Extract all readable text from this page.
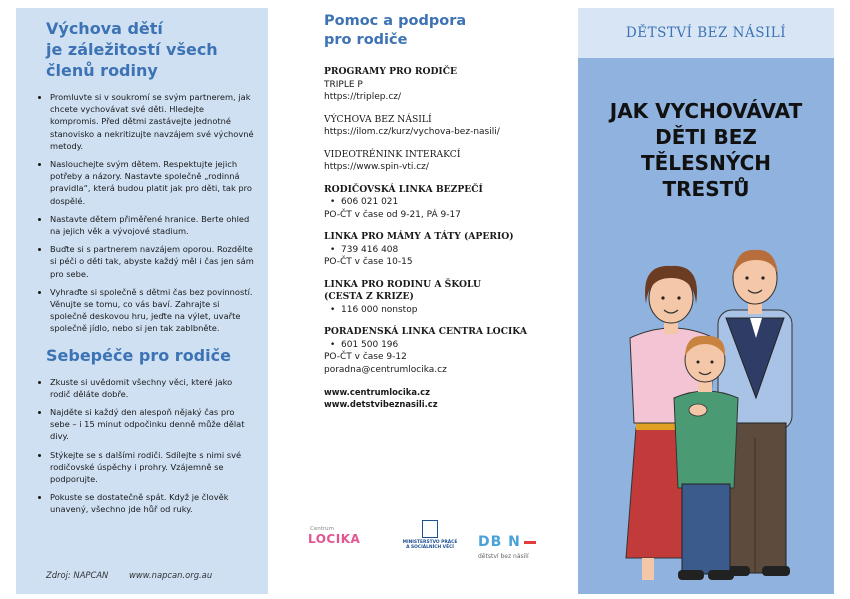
Výchova dětí
je záležitostí všech
členů rodiny
• Promluvte si v soukromí se svým partnerem, jak chcete vychovávat své děti. Hledejte kompromis. Před dětmi zastávejte jednotné stanovisko a nekritizujte navzájem své výchovné metody.
• Naslouchejte svým dětem. Respektujte jejich potřeby a názory. Nastavte společně „rodinná pravidla“, která budou platit jak pro děti, tak pro dospělé.
• Nastavte dětem přiměřené hranice. Berte ohled na jejich věk a vývojové stadium.
• Buďte si s partnerem navzájem oporou. Rozdělte si péči o děti tak, abyste každý měl i čas jen sám pro sebe.
• Vyhraďte si společně s dětmi čas bez povinností. Věnujte se tomu, co vás baví. Zahrajte si společně deskovou hru, jeďte na výlet, uvařte společně jídlo, nebo si jen tak zablbněte.
Sebepéče pro rodiče
• Zkuste si uvědomit všechny věci, které jako rodič děláte dobře.
• Najděte si každý den alespoň nějaký čas pro sebe – i 15 minut odpočinku denně může dělat divy.
• Stýkejte se s dalšími rodiči. Sdílejte s nimi své rodičovské úspěchy i prohry. Vzájemně se podporujte.
• Pokuste se dostatečně spát. Když je člověk unavený, všechno jde hůř od ruky.
Zdroj: NAPCAN www.napcan.org.au
Pomoc a podpora
pro rodiče
PROGRAMY PRO RODIČE
TRIPLE P
https://triplep.cz/
VÝCHOVA BEZ NÁSILÍ
https://ilom.cz/kurz/vychova-bez-nasili/
VIDEOTRÉNINK INTERAKCÍ
https://www.spin-vti.cz/
RODIČOVSKÁ LINKA BEZPEČÍ
• 606 021 021
PO-ČT v čase od 9-21, PÁ 9-17
LINKA PRO MÁMY A TÁTY (APERIO)
• 739 416 408
PO-ČT v čase 10-15
LINKA PRO RODINU A ŠKOLU
(CESTA Z KRIZE)
• 116 000 nonstop
PORADENSKÁ LINKA CENTRA LOCIKA
• 601 500 196
PO-ČT v čase 9-12
poradna@centrumlocika.cz
www.centrumlocika.cz
www.detstvibeznasili.cz
Centrum
LOCIKA	MINISTERSTVO PRÁCE
A SOCIÁLNÍCH VĚCÍ	DB N
dětství bez násilí
DĚTSTVÍ BEZ NÁSILÍ
JAK VYCHOVÁVAT
DĚTI BEZ
TĚLESNÝCH
TRESTŮ
